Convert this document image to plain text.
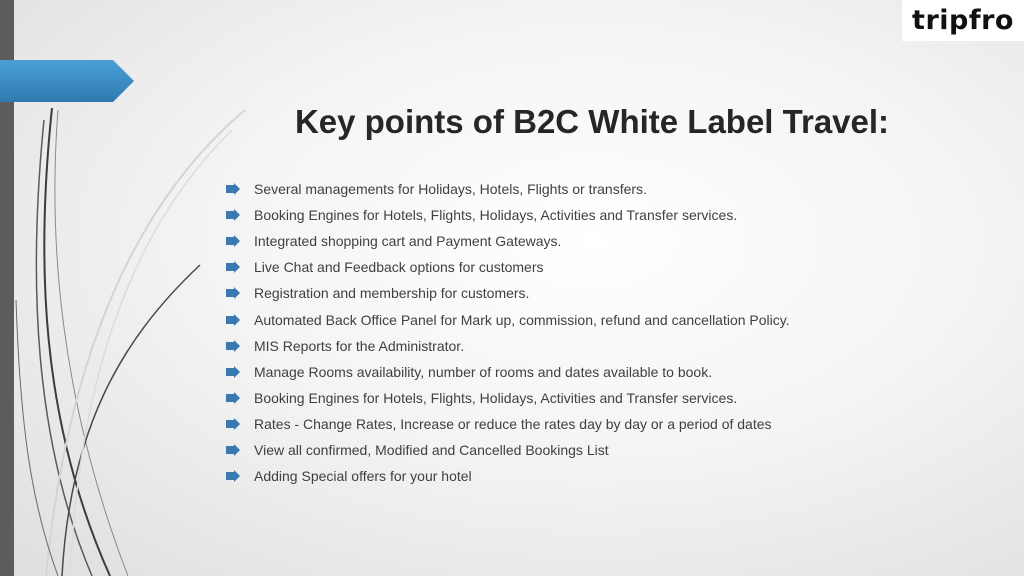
tripfro
Key points of B2C White Label Travel:
Several managements for Holidays, Hotels, Flights or transfers.
Booking Engines for Hotels, Flights, Holidays, Activities and Transfer services.
Integrated shopping cart and Payment Gateways.
Live Chat and Feedback options for customers
Registration and membership for customers.
Automated Back Office Panel for Mark up, commission, refund and cancellation Policy.
MIS Reports for the Administrator.
Manage Rooms availability, number of rooms and dates available to book.
Booking Engines for Hotels, Flights, Holidays, Activities and Transfer services.
Rates - Change Rates, Increase or reduce the rates day by day or a period of dates
View all confirmed, Modified and Cancelled Bookings List
Adding Special offers for your hotel
